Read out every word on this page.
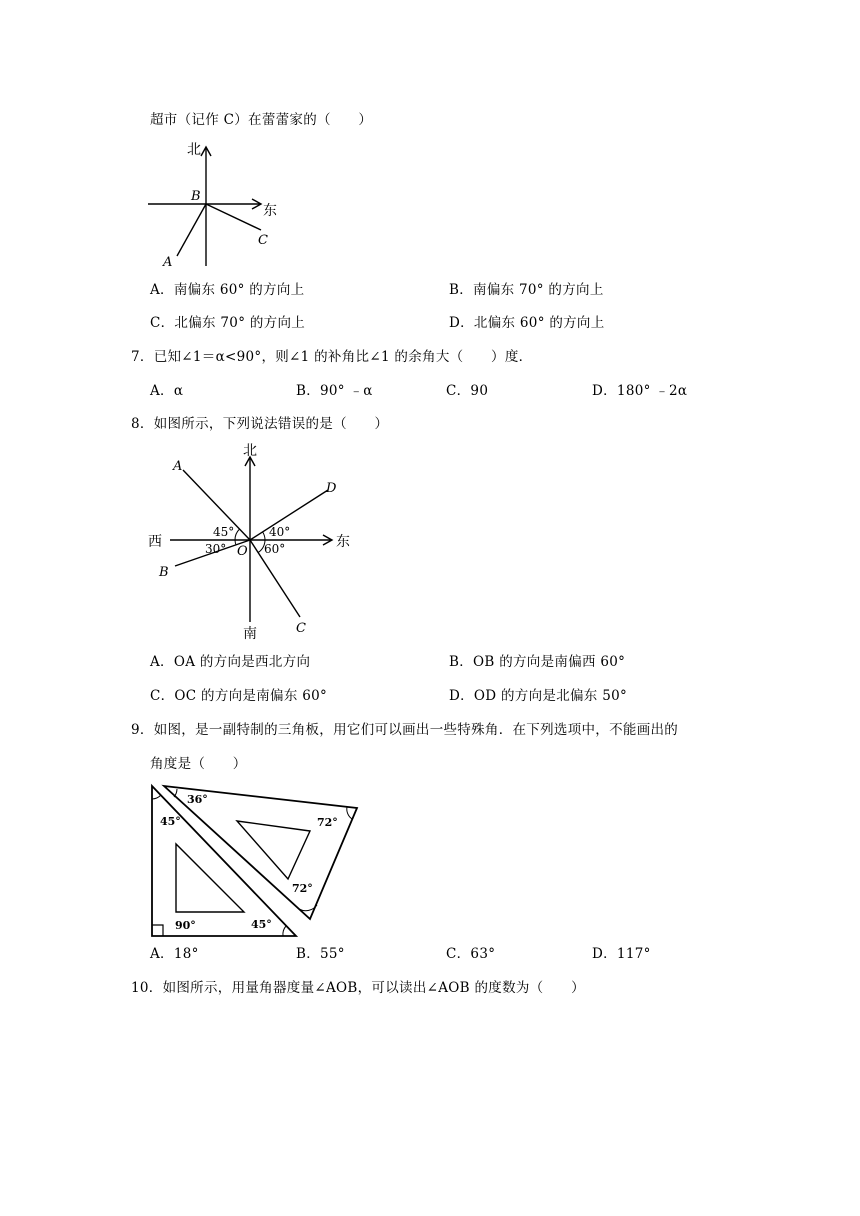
超市（记作 C）在蕾蕾家的（　　）
北
东
B
A
C
A．南偏东 60° 的方向上	B．南偏东 70° 的方向上
C．北偏东 70° 的方向上	D．北偏东 60° 的方向上
7．已知∠1＝α<90°，则∠1 的补角比∠1 的余角大（　　）度．
A．α	B．90° ﹣α	C．90	D．180° ﹣2α
8．如图所示，下列说法错误的是（　　）
北
南
东
西
O
A
B
C
D
45°
30°
40°
60°
A．OA 的方向是西北方向	B．OB 的方向是南偏西 60°
C．OC 的方向是南偏东 60°	D．OD 的方向是北偏东 50°
9．如图，是一副特制的三角板，用它们可以画出一些特殊角．在下列选项中，不能画出的
角度是（　　）
36°
72°
72°
45°
45°
90°
A．18°	B．55°	C．63°	D．117°
10．如图所示，用量角器度量∠AOB，可以读出∠AOB 的度数为（　　）
